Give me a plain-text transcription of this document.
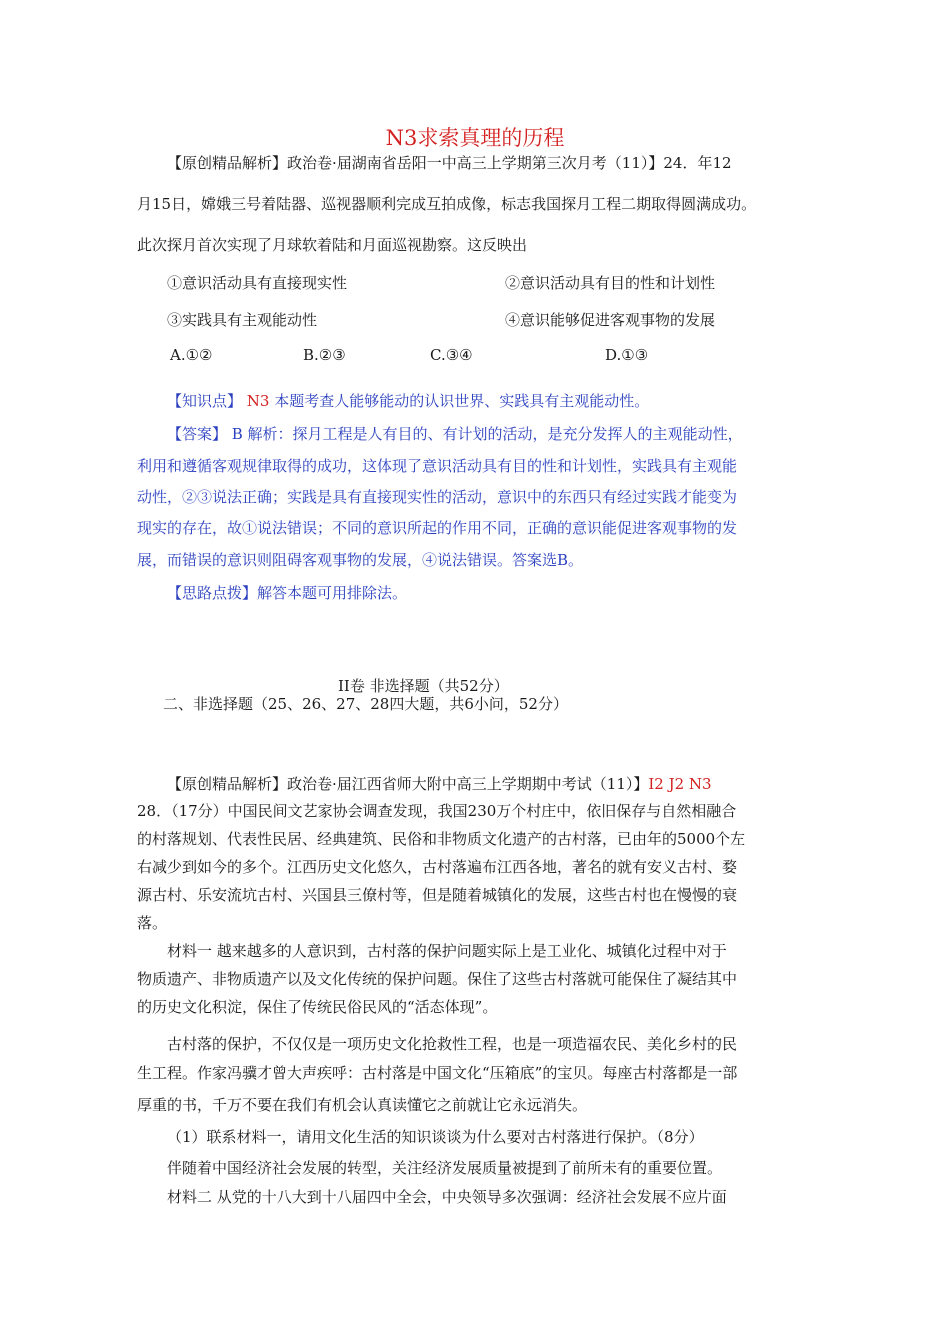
N3求索真理的历程
【原创精品解析】政治卷·届湖南省岳阳一中高三上学期第三次月考（11）】24．年12
月15日，嫦娥三号着陆器、巡视器顺利完成互拍成像，标志我国探月工程二期取得圆满成功。
此次探月首次实现了月球软着陆和月面巡视勘察。这反映出
①意识活动具有直接现实性	②意识活动具有目的性和计划性
③实践具有主观能动性	④意识能够促进客观事物的发展
A.①②	B.②③	C.③④	D.①③
【知识点】 N3 本题考查人能够能动的认识世界、实践具有主观能动性。
【答案】 B 解析：探月工程是人有目的、有计划的活动，是充分发挥人的主观能动性，
利用和遵循客观规律取得的成功，这体现了意识活动具有目的性和计划性，实践具有主观能
动性，②③说法正确；实践是具有直接现实性的活动，意识中的东西只有经过实践才能变为
现实的存在，故①说法错误；不同的意识所起的作用不同，正确的意识能促进客观事物的发
展，而错误的意识则阻碍客观事物的发展，④说法错误。答案选B。
【思路点拨】解答本题可用排除法。
II卷 非选择题（共52分）
二、非选择题（25、26、27、28四大题，共6小问，52分）
【原创精品解析】政治卷·届江西省师大附中高三上学期期中考试（11）】I2 J2 N3
28．（17分）中国民间文艺家协会调查发现，我国230万个村庄中，依旧保存与自然相融合
的村落规划、代表性民居、经典建筑、民俗和非物质文化遗产的古村落，已由年的5000个左
右减少到如今的多个。江西历史文化悠久，古村落遍布江西各地，著名的就有安义古村、婺
源古村、乐安流坑古村、兴国县三僚村等，但是随着城镇化的发展，这些古村也在慢慢的衰
落。
材料一 越来越多的人意识到，古村落的保护问题实际上是工业化、城镇化过程中对于
物质遗产、非物质遗产以及文化传统的保护问题。保住了这些古村落就可能保住了凝结其中
的历史文化积淀，保住了传统民俗民风的“活态体现”。
古村落的保护，不仅仅是一项历史文化抢救性工程，也是一项造福农民、美化乡村的民
生工程。作家冯骥才曾大声疾呼：古村落是中国文化“压箱底”的宝贝。每座古村落都是一部
厚重的书，千万不要在我们有机会认真读懂它之前就让它永远消失。
（1）联系材料一，请用文化生活的知识谈谈为什么要对古村落进行保护。（8分）
伴随着中国经济社会发展的转型，关注经济发展质量被提到了前所未有的重要位置。
材料二 从党的十八大到十八届四中全会，中央领导多次强调：经济社会发展不应片面
